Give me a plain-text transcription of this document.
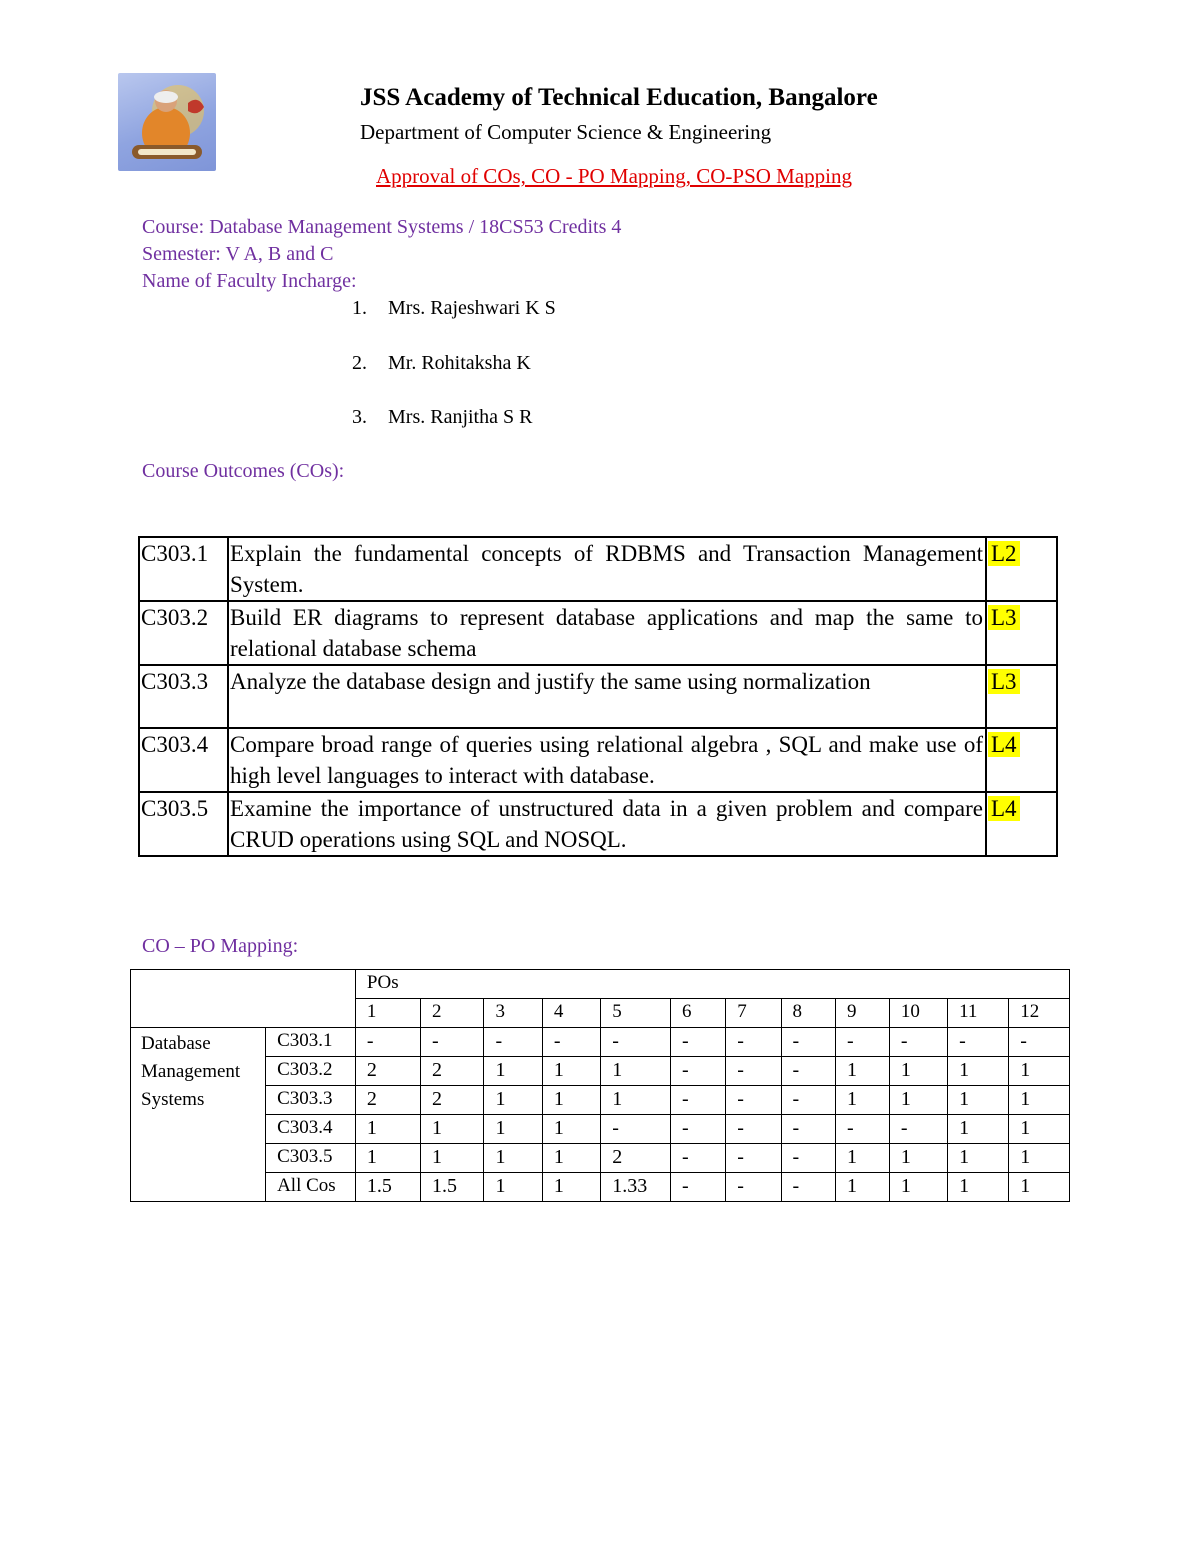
JSS Academy of Technical Education, Bangalore
Department of Computer Science & Engineering
Approval of COs, CO - PO Mapping, CO-PSO Mapping
Course: Database Management Systems / 18CS53 Credits 4
Semester: V A, B and C
Name of Faculty Incharge:
1. Mrs. Rajeshwari K S
2. Mr. Rohitaksha K
3. Mrs. Ranjitha S R
Course Outcomes (COs):
C303.1	Explain the fundamental concepts of RDBMS and Transaction Management System.	L2
C303.2	Build ER diagrams to represent database applications and map the same to relational database schema	L3
C303.3	Analyze the database design and justify the same using normalization	L3
C303.4	Compare broad range of queries using relational algebra , SQL and make use of high level languages to interact with database.	L4
C303.5	Examine the importance of unstructured data in a given problem and compare CRUD operations using SQL and NOSQL.	L4
CO – PO Mapping:
		POs											
		1	2	3	4	5	6	7	8	9	10	11	12
Database Management Systems	C303.1	-	-	-	-	-	-	-	-	-	-	-	-
	C303.2	2	2	1	1	1	-	-	-	1	1	1	1
	C303.3	2	2	1	1	1	-	-	-	1	1	1	1
	C303.4	1	1	1	1	-	-	-	-	-	-	1	1
	C303.5	1	1	1	1	2	-	-	-	1	1	1	1
	All Cos	1.5	1.5	1	1	1.33	-	-	-	1	1	1	1
